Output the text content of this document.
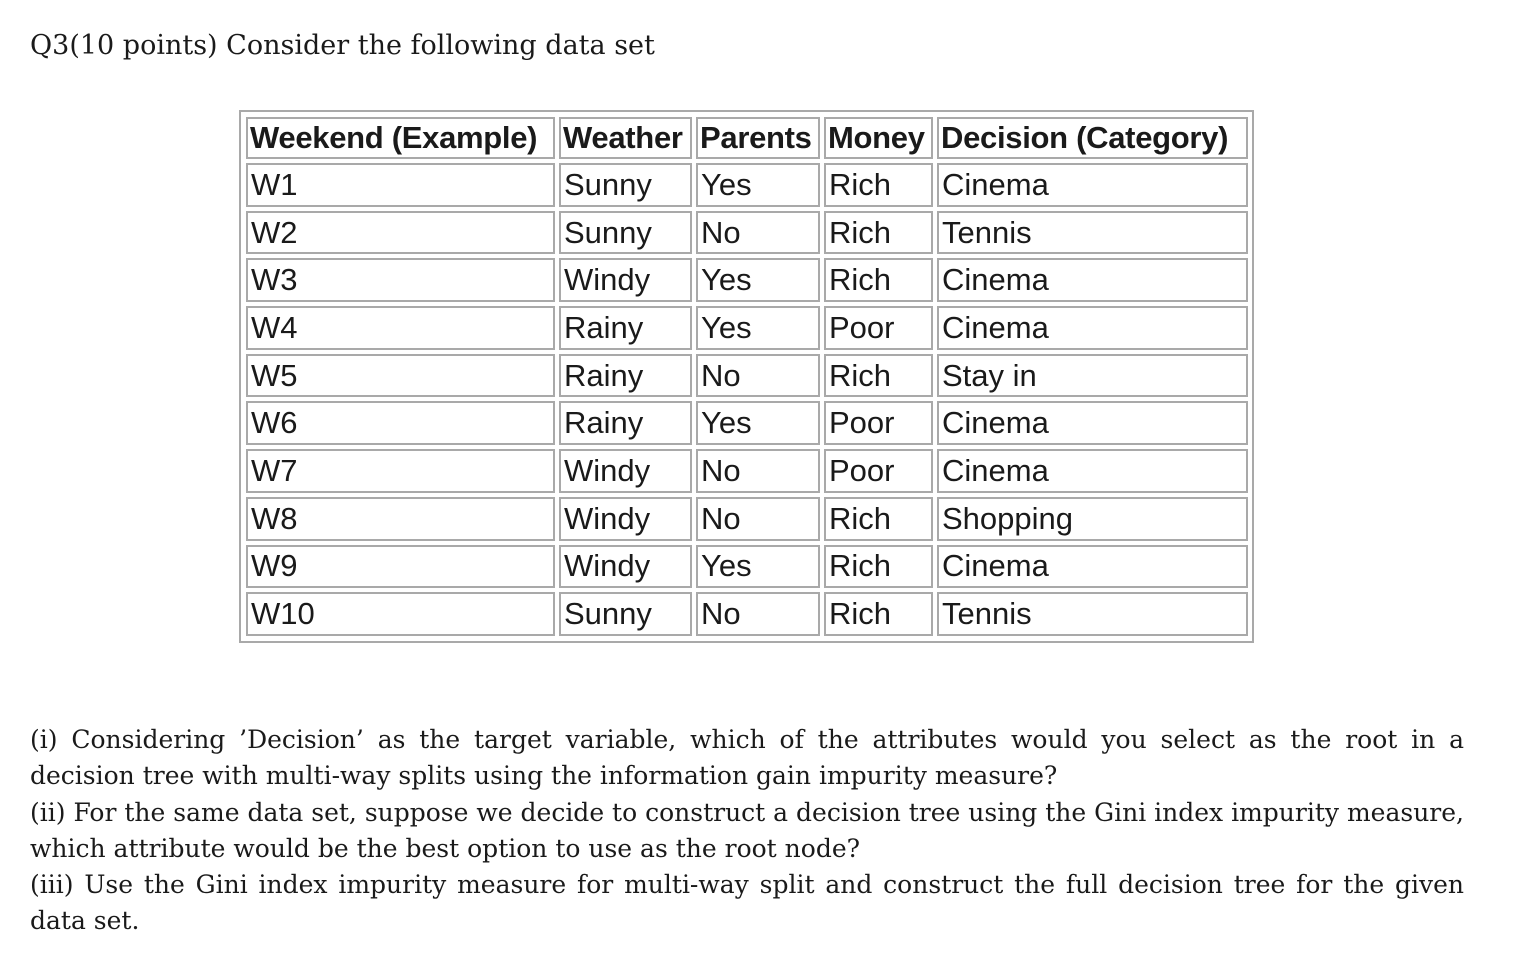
Q3(10 points) Consider the following data set
Weekend (Example)	Weather	Parents	Money	Decision (Category)
W1	Sunny	Yes	Rich	Cinema
W2	Sunny	No	Rich	Tennis
W3	Windy	Yes	Rich	Cinema
W4	Rainy	Yes	Poor	Cinema
W5	Rainy	No	Rich	Stay in
W6	Rainy	Yes	Poor	Cinema
W7	Windy	No	Poor	Cinema
W8	Windy	No	Rich	Shopping
W9	Windy	Yes	Rich	Cinema
W10	Sunny	No	Rich	Tennis

(i) Considering ’Decision’ as the target variable, which of the attributes would you select as the root in a decision tree with multi-way splits using the information gain impurity measure?

(ii) For the same data set, suppose we decide to construct a decision tree using the Gini index impurity measure, which attribute would be the best option to use as the root node?

(iii) Use the Gini index impurity measure for multi-way split and construct the full decision tree for the given data set.
